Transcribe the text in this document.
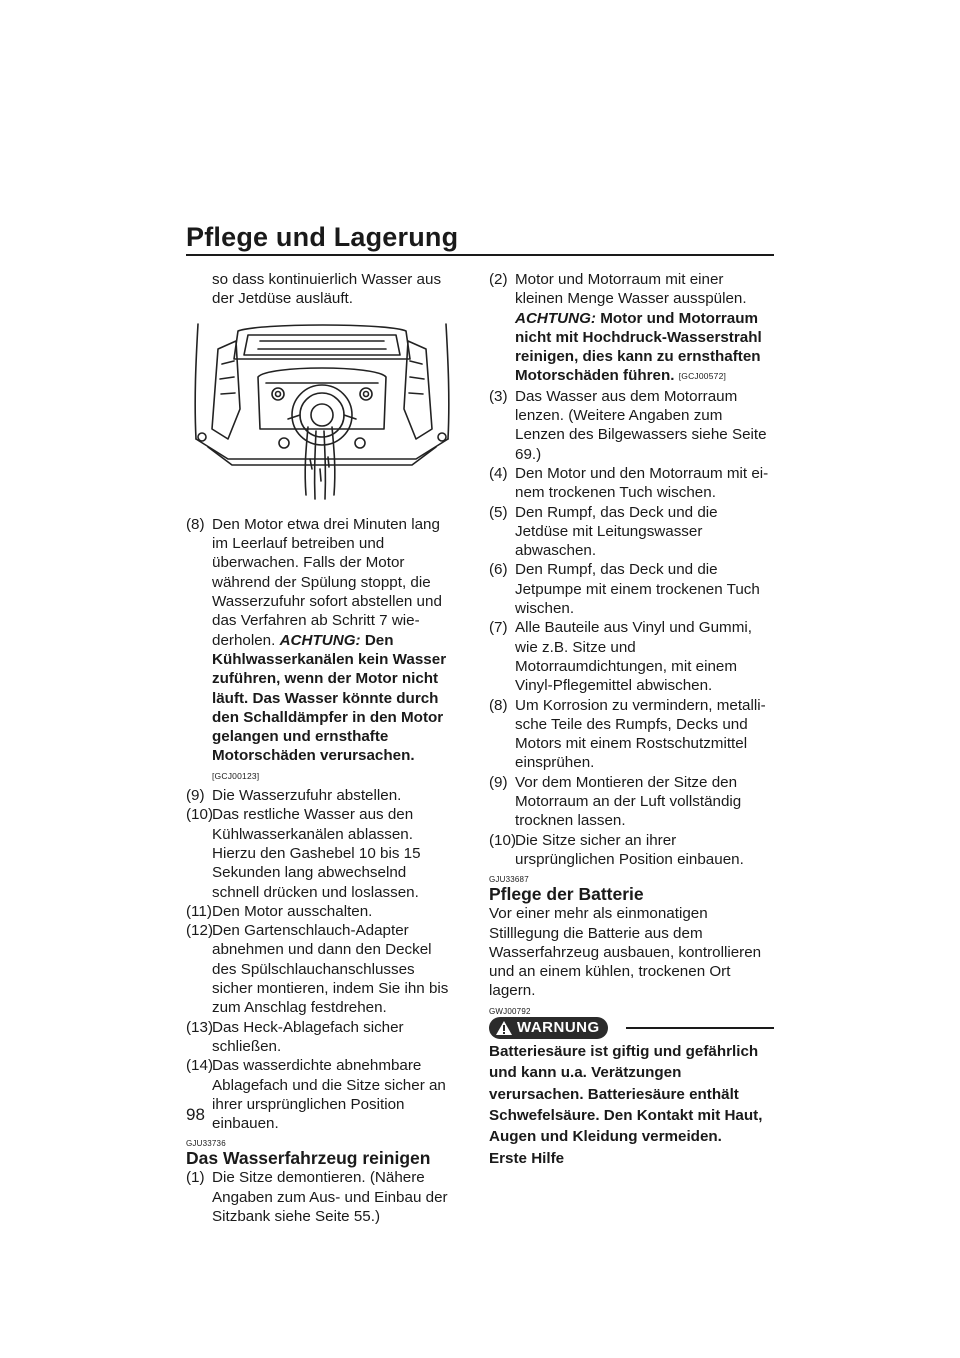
Pflege und Lagerung

so dass kontinuierlich Wasser aus der Jetdüse ausläuft.

(8) Den Motor etwa drei Minuten lang im Leerlauf betreiben und überwachen. Falls der Motor während der Spülung stoppt, die Wasserzufuhr sofort abstellen und das Verfahren ab Schritt 7 wiederholen. ACHTUNG: Den Kühlwasserkanälen kein Wasser zuführen, wenn der Motor nicht läuft. Das Wasser könnte durch den Schalldämpfer in den Motor gelangen und ernsthafte Motorschäden verursachen. [GCJ00123]
(9) Die Wasserzufuhr abstellen.
(10)
Das restliche Wasser aus den Kühlwasserkanälen ablassen. Hierzu den Gashebel 10 bis 15 Sekunden lang abwechselnd schnell drücken und loslassen.
(11) Den Motor ausschalten.
(12)
Den Gartenschlauch-Adapter abnehmen und dann den Deckel des Spülschlauchanschlusses sicher montieren, indem Sie ihn bis zum Anschlag festdrehen.
(13)
Das Heck-Ablagefach sicher schließen.
(14)
Das wasserdichte abnehmbare Ablagefach und die Sitze sicher an ihrer ursprünglichen Position einbauen.
GJU33736

Das Wasserfahrzeug reinigen

(1) Die Sitze demontieren. (Nähere Angaben zum Aus- und Einbau der Sitzbank siehe Seite 55.)
(2) Motor und Motorraum mit einer kleinen Menge Wasser ausspülen. ACHTUNG: Motor und Motorraum nicht mit Hochdruck-Wasserstrahl reinigen, dies kann zu ernsthaften Motorschäden führen. [GCJ00572]
(3) Das Wasser aus dem Motorraum lenzen. (Weitere Angaben zum Lenzen des Bilgewassers siehe Seite 69.)
(4) Den Motor und den Motorraum mit einem trockenen Tuch wischen.
(5) Den Rumpf, das Deck und die Jetdüse mit Leitungswasser abwaschen.
(6) Den Rumpf, das Deck und die Jetpumpe mit einem trockenen Tuch wischen.
(7) Alle Bauteile aus Vinyl und Gummi, wie z.B. Sitze und Motorraumdichtungen, mit einem Vinyl-Pflegemittel abwischen.
(8) Um Korrosion zu vermindern, metallische Teile des Rumpfs, Decks und Motors mit einem Rostschutzmittel einsprühen.
(9) Vor dem Montieren der Sitze den Motorraum an der Luft vollständig trocknen lassen.
(10)
Die Sitze sicher an ihrer ursprünglichen Position einbauen.
GJU33687

Pflege der Batterie

Vor einer mehr als einmonatigen Stilllegung die Batterie aus dem Wasserfahrzeug ausbauen, kontrollieren und an einem kühlen, trockenen Ort lagern.

GWJ00792
WARNUNG

Batteriesäure ist giftig und gefährlich und kann u.a. Verätzungen verursachen. Batteriesäure enthält Schwefelsäure. Den Kontakt mit Haut, Augen und Kleidung vermeiden.

Erste Hilfe

98
